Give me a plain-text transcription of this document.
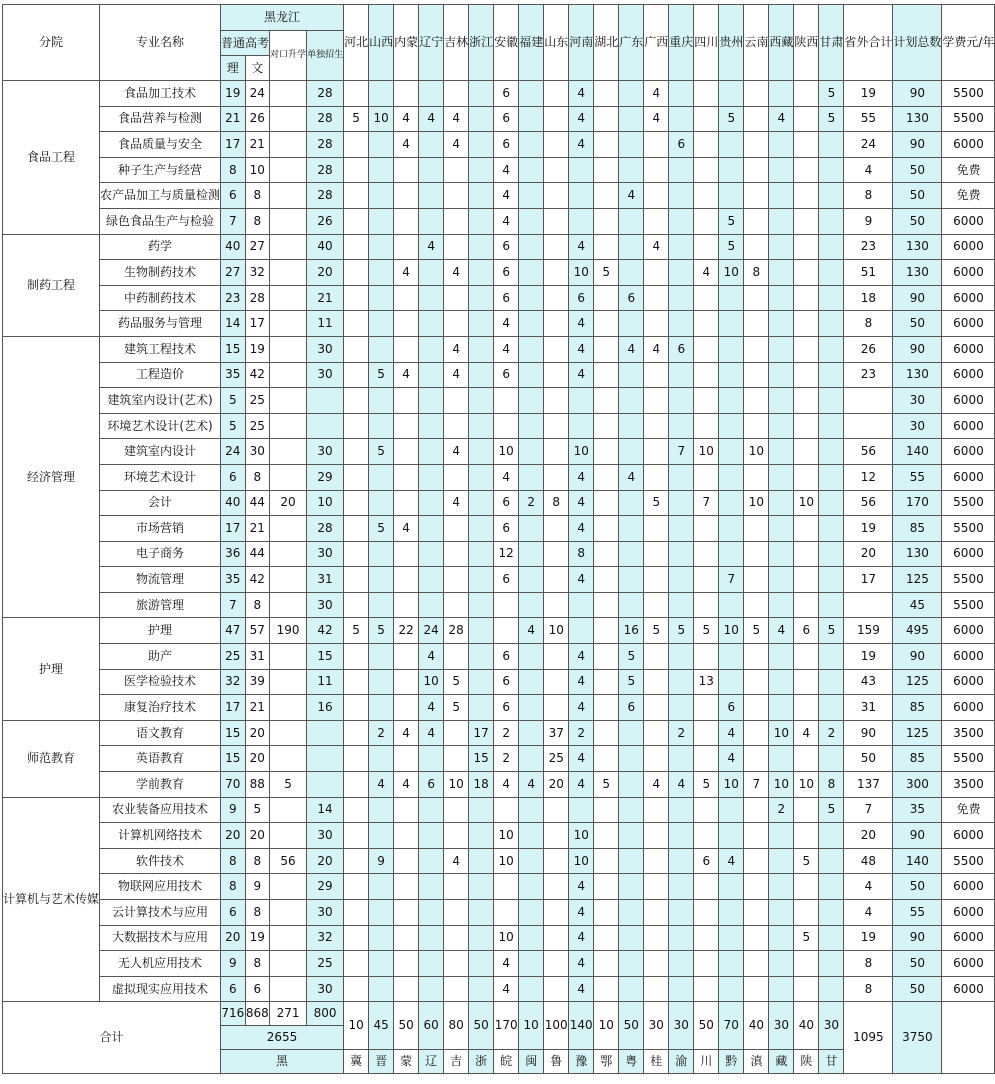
分院	专业名称	黑龙江				河北	山西	内蒙	辽宁	吉林	浙江	安徽	福建	山东	河南	湖北	广东	广西	重庆	四川	贵州	云南	西藏	陕西	甘肃	省外合计	计划总数	学费元/年
		普通高考		对口升学	单独招生																							
		理	文																									
食品工程	食品加工技术	19	24		28							6			4			4							5	19	90	5500
	食品营养与检测	21	26		28	5	10	4	4	4		6			4			4			5		4		5	55	130	5500
	食品质量与安全	17	21		28			4		4		6			4				6							24	90	6000
	种子生产与经营	8	10		28							4														4	50	免费
	农产品加工与质量检测	6	8		28							4					4									8	50	免费
	绿色食品生产与检验	7	8		26							4									5					9	50	6000
制药工程	药学	40	27		40				4			6			4			4			5					23	130	6000
	生物制药技术	27	32		20			4		4		6			10	5				4	10	8				51	130	6000
	中药制药技术	23	28		21							6			6		6									18	90	6000
	药品服务与管理	14	17		11							4			4											8	50	6000
经济管理	建筑工程技术	15	19		30					4		4			4		4	4	6							26	90	6000
	工程造价	35	42		30		5	4		4		6			4											23	130	6000
	建筑室内设计(艺术)	5	25																								30	6000
	环境艺术设计(艺术)	5	25																								30	6000
	建筑室内设计	24	30		30		5			4		10			10				7	10		10				56	140	6000
	环境艺术设计	6	8		29							4			4		4									12	55	6000
	会计	40	44	20	10					4		6	2	8	4			5		7		10		10		56	170	5500
	市场营销	17	21		28		5	4				6			4											19	85	5500
	电子商务	36	44		30							12			8											20	130	6000
	物流管理	35	42		31							6			4						7					17	125	5500
	旅游管理	7	8		30																						45	5500
护理	护理	47	57	190	42	5	5	22	24	28			4	10			16	5	5	5	10	5	4	6	5	159	495	6000
	助产	25	31		15				4			6			4		5									19	90	6000
	医学检验技术	32	39		11				10	5		6			4		5			13						43	125	6000
	康复治疗技术	17	21		16				4	5		6			4		6				6					31	85	6000
师范教育	语文教育	15	20				2	4	4		17	2		37	2				2		4		10	4	2	90	125	3500
	英语教育	15	20								15	2		25	4						4					50	85	5500
	学前教育	70	88	5			4	4	6	10	18	4	4	20	4	5		4	4	5	10	7	10	10	8	137	300	3500
计算机与艺术传媒	农业装备应用技术	9	5		14																		2		5	7	35	免费
	计算机网络技术	20	20		30							10			10											20	90	6000
	软件技术	8	8	56	20		9			4		10			10					6	4			5		48	140	5500
	物联网应用技术	8	9		29										4											4	50	6000
	云计算技术与应用	6	8		30										4											4	55	6000
	大数据技术与应用	20	19		32							10			4									5		19	90	6000
	无人机应用技术	9	8		25							4			4											8	50	6000
	虚拟现实应用技术	6	6		30							4			4											8	50	6000
合计		716	868	271	800	10	45	50	60	80	50	170	10	100	140	10	50	30	30	50	70	40	30	40	30	1095	3750	
		2655																										
		黑				冀	晋	蒙	辽	吉	浙	皖	闽	鲁	豫	鄂	粤	桂	渝	川	黔	滇	藏	陕	甘			
